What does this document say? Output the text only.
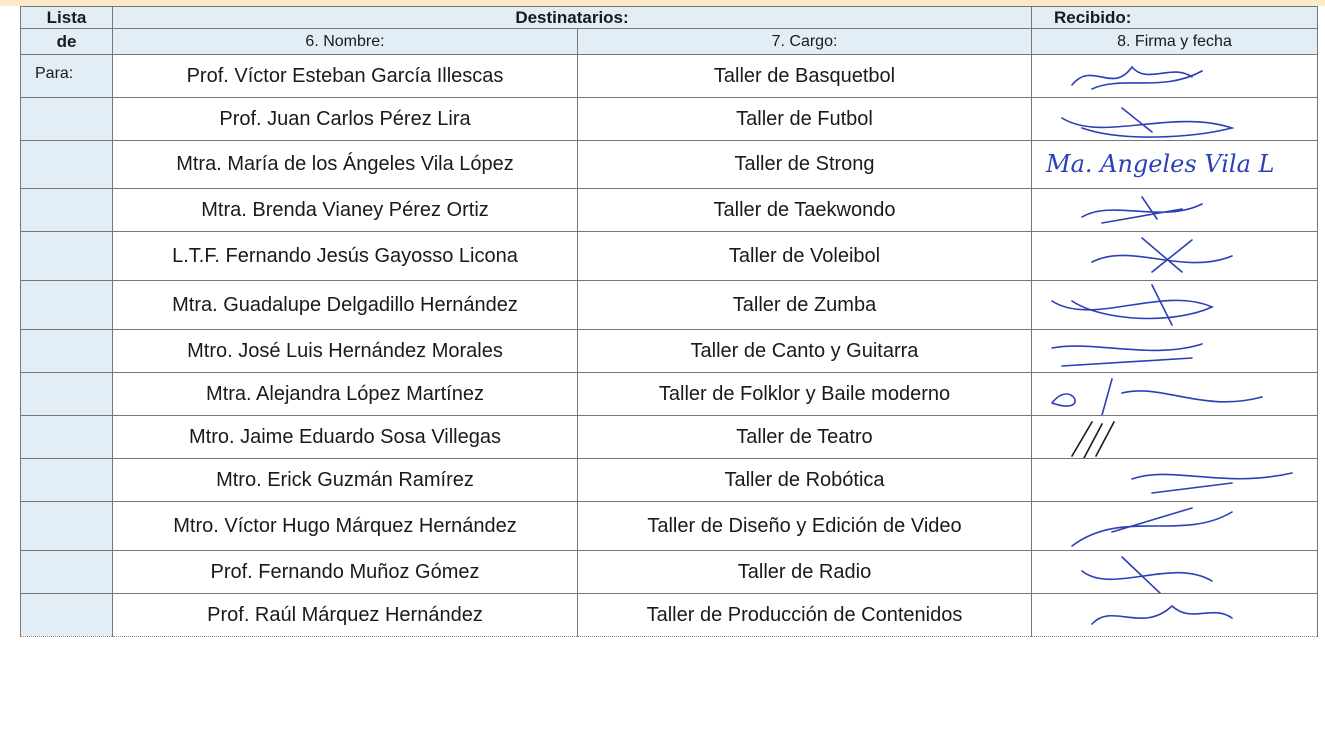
Lista	Destinatarios:		Recibido:
de	6. Nombre:	7. Cargo:	8. Firma y fecha
Para:	Prof. Víctor Esteban García Illescas	Taller de Basquetbol	

	Prof. Juan Carlos Pérez Lira	Taller de Futbol	

	Mtra. María de los Ángeles Vila López	Taller de Strong	Ma. Angeles Vila L

	Mtra. Brenda Vianey Pérez Ortiz	Taller de Taekwondo	

	L.T.F. Fernando Jesús Gayosso Licona	Taller de Voleibol	

	Mtra. Guadalupe Delgadillo Hernández	Taller de Zumba	

	Mtro. José Luis Hernández Morales	Taller de Canto y Guitarra	

	Mtra. Alejandra López Martínez	Taller de Folklor y Baile moderno	

	Mtro. Jaime Eduardo Sosa Villegas	Taller de Teatro	

	Mtro. Erick Guzmán Ramírez	Taller de Robótica	

	Mtro. Víctor Hugo Márquez Hernández	Taller de Diseño y Edición de Video	

	Prof. Fernando Muñoz Gómez	Taller de Radio	

	Prof. Raúl Márquez Hernández	Taller de Producción de Contenidos	
